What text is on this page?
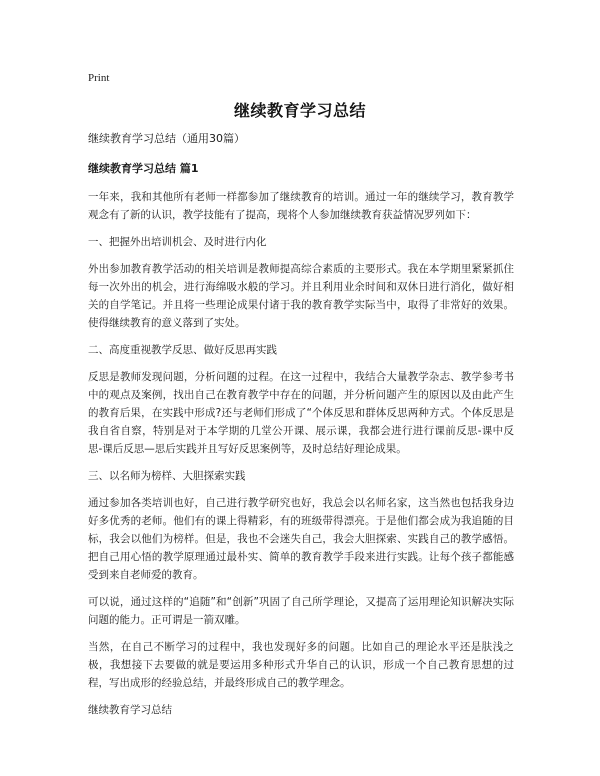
Print
继续教育学习总结

继续教育学习总结（通用30篇）

继续教育学习总结 篇1

一年来，我和其他所有老师一样都参加了继续教育的培训。通过一年的继续学习，教育教学观念有了新的认识，教学技能有了提高，现将个人参加继续教育获益情况罗列如下：

一、把握外出培训机会、及时进行内化

外出参加教育教学活动的相关培训是教师提高综合素质的主要形式。我在本学期里紧紧抓住每一次外出的机会，进行海绵吸水般的学习。并且利用业余时间和双休日进行消化，做好相关的自学笔记。并且将一些理论成果付诸于我的教育教学实际当中，取得了非常好的效果。使得继续教育的意义落到了实处。

二、高度重视教学反思、做好反思再实践

反思是教师发现问题，分析问题的过程。在这一过程中，我结合大量教学杂志、教学参考书中的观点及案例，找出自己在教育教学中存在的问题，并分析问题产生的原因以及由此产生的教育后果，在实践中形成?还与老师们形成了“个体反思和群体反思两种方式。个体反思是我自省自察，特别是对于本学期的几堂公开课、展示课，我都会进行进行课前反思-课中反思-课后反思—思后实践并且写好反思案例等，及时总结好理论成果。

三、以名师为榜样、大胆探索实践

通过参加各类培训也好，自己进行教学研究也好，我总会以名师名家，这当然也包括我身边好多优秀的老师。他们有的课上得精彩，有的班级带得漂亮。于是他们都会成为我追随的目标，我会以他们为榜样。但是，我也不会迷失自己，我会大胆探索、实践自己的教学感悟。把自己用心悟的教学原理通过最朴实、简单的教育教学手段来进行实践。让每个孩子都能感受到来自老师爱的教育。

可以说，通过这样的“追随”和“创新”巩固了自己所学理论，又提高了运用理论知识解决实际问题的能力。正可谓是一箭双雕。

当然，在自己不断学习的过程中，我也发现好多的问题。比如自己的理论水平还是肤浅之极，我想接下去要做的就是要运用多种形式升华自己的认识，形成一个自己教育思想的过程，写出成形的经验总结，并最终形成自己的教学理念。

继续教育学习总结
